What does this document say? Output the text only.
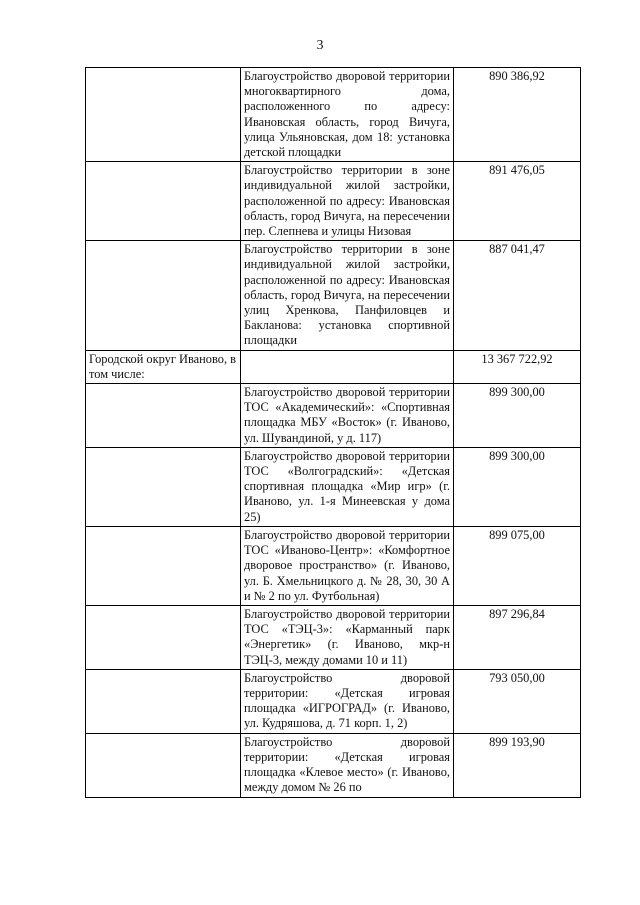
3
	Благоустройство дворовой территории многоквартирного дома, расположенного по адресу: Ивановская область, город Вичуга, улица Ульяновская, дом 18: установка детской площадки	890 386,92
	Благоустройство территории в зоне индивидуальной жилой застройки, расположенной по адресу: Ивановская область, город Вичуга, на пересечении пер. Слепнева и улицы Низовая	891 476,05
	Благоустройство территории в зоне индивидуальной жилой застройки, расположенной по адресу: Ивановская область, город Вичуга, на пересечении улиц Хренкова, Панфиловцев и Бакланова: установка спортивной площадки	887 041,47
Городской округ Иваново, в том числе:		13 367 722,92
	Благоустройство дворовой территории ТОС «Академический»: «Спортивная площадка МБУ «Восток» (г. Иваново, ул. Шувандиной, у д. 117)	899 300,00
	Благоустройство дворовой территории ТОС «Волгоградский»: «Детская спортивная площадка «Мир игр» (г. Иваново, ул. 1-я Минеевская у дома 25)	899 300,00
	Благоустройство дворовой территории ТОС «Иваново-Центр»: «Комфортное дворовое пространство» (г. Иваново, ул. Б. Хмельницкого д. № 28, 30, 30 А и № 2 по ул. Футбольная)	899 075,00
	Благоустройство дворовой территории ТОС «ТЭЦ-3»: «Карманный парк «Энергетик» (г. Иваново, мкр-н ТЭЦ-3, между домами 10 и 11)	897 296,84
	Благоустройство дворовой территории: «Детская игровая площадка «ИГРОГРАД» (г. Иваново, ул. Кудряшова, д. 71 корп. 1, 2)	793 050,00
	Благоустройство дворовой территории: «Детская игровая площадка «Клевое место» (г. Иваново, между домом № 26 по	899 193,90
